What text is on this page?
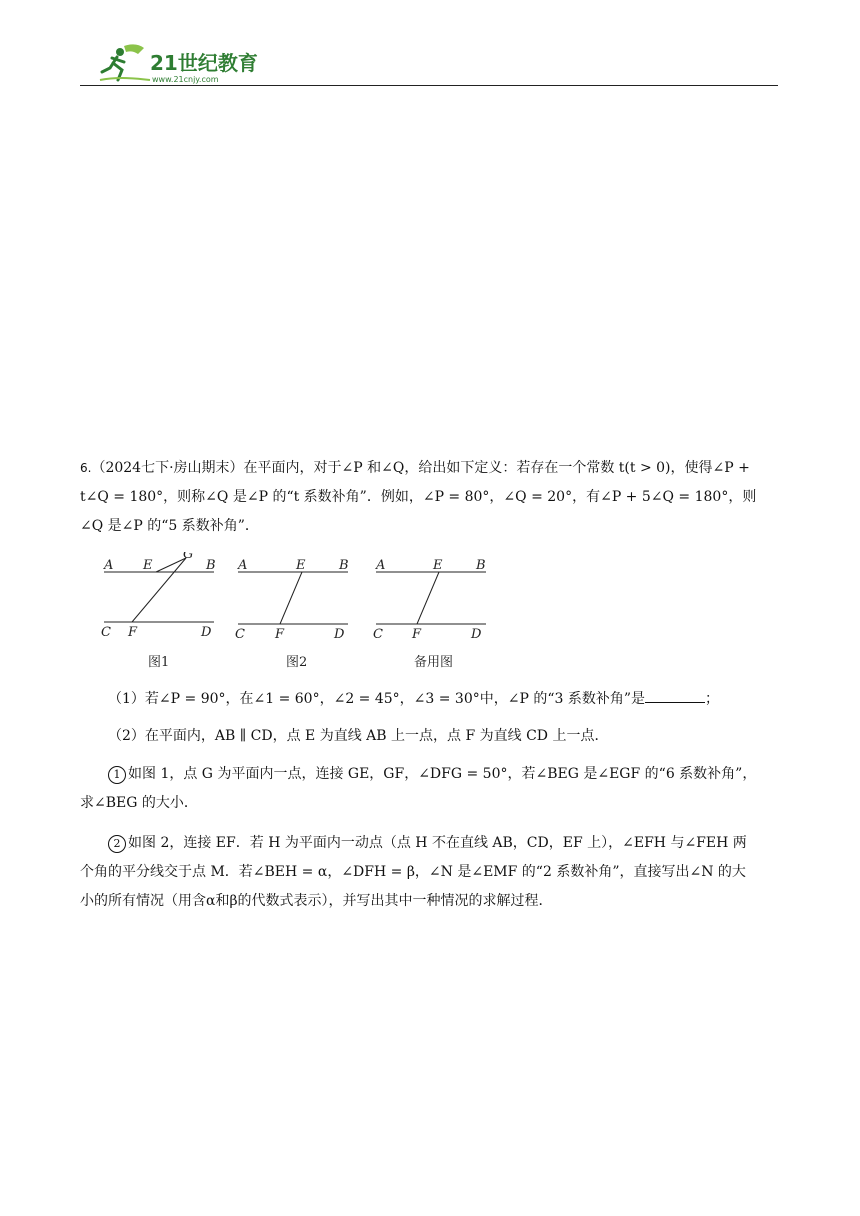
21世纪教育
www.21cnjy.com

6.（2024七下·房山期末）在平面内，对于∠P 和∠Q，给出如下定义：若存在一个常数 t(t > 0)，使得∠P +

t∠Q = 180°，则称∠Q 是∠P 的“t 系数补角”．例如，∠P = 80°，∠Q = 20°，有∠P + 5∠Q = 180°，则

∠Q 是∠P 的“5 系数补角”．

A E
G
B
C F	D
图1
A	E	B
C F	D
图2
A	E	B
C F	D
备用图

（1）若∠P = 90°，在∠1 = 60°，∠2 = 45°，∠3 = 30°中，∠P 的“3 系数补角”是	；

（2）在平面内，AB ∥ CD，点 E 为直线 AB 上一点，点 F 为直线 CD 上一点．

1 如图 1，点 G 为平面内一点，连接 GE，GF，∠DFG = 50°，若∠BEG 是∠EGF 的“6 系数补角”，

求∠BEG 的大小．

2 如图 2，连接 EF．若 H 为平面内一动点（点 H 不在直线 AB，CD，EF 上），∠EFH 与∠FEH 两

个角的平分线交于点 M．若∠BEH = α，∠DFH = β，∠N 是∠EMF 的“2 系数补角”，直接写出∠N 的大

小的所有情况（用含α和β的代数式表示），并写出其中一种情况的求解过程．
